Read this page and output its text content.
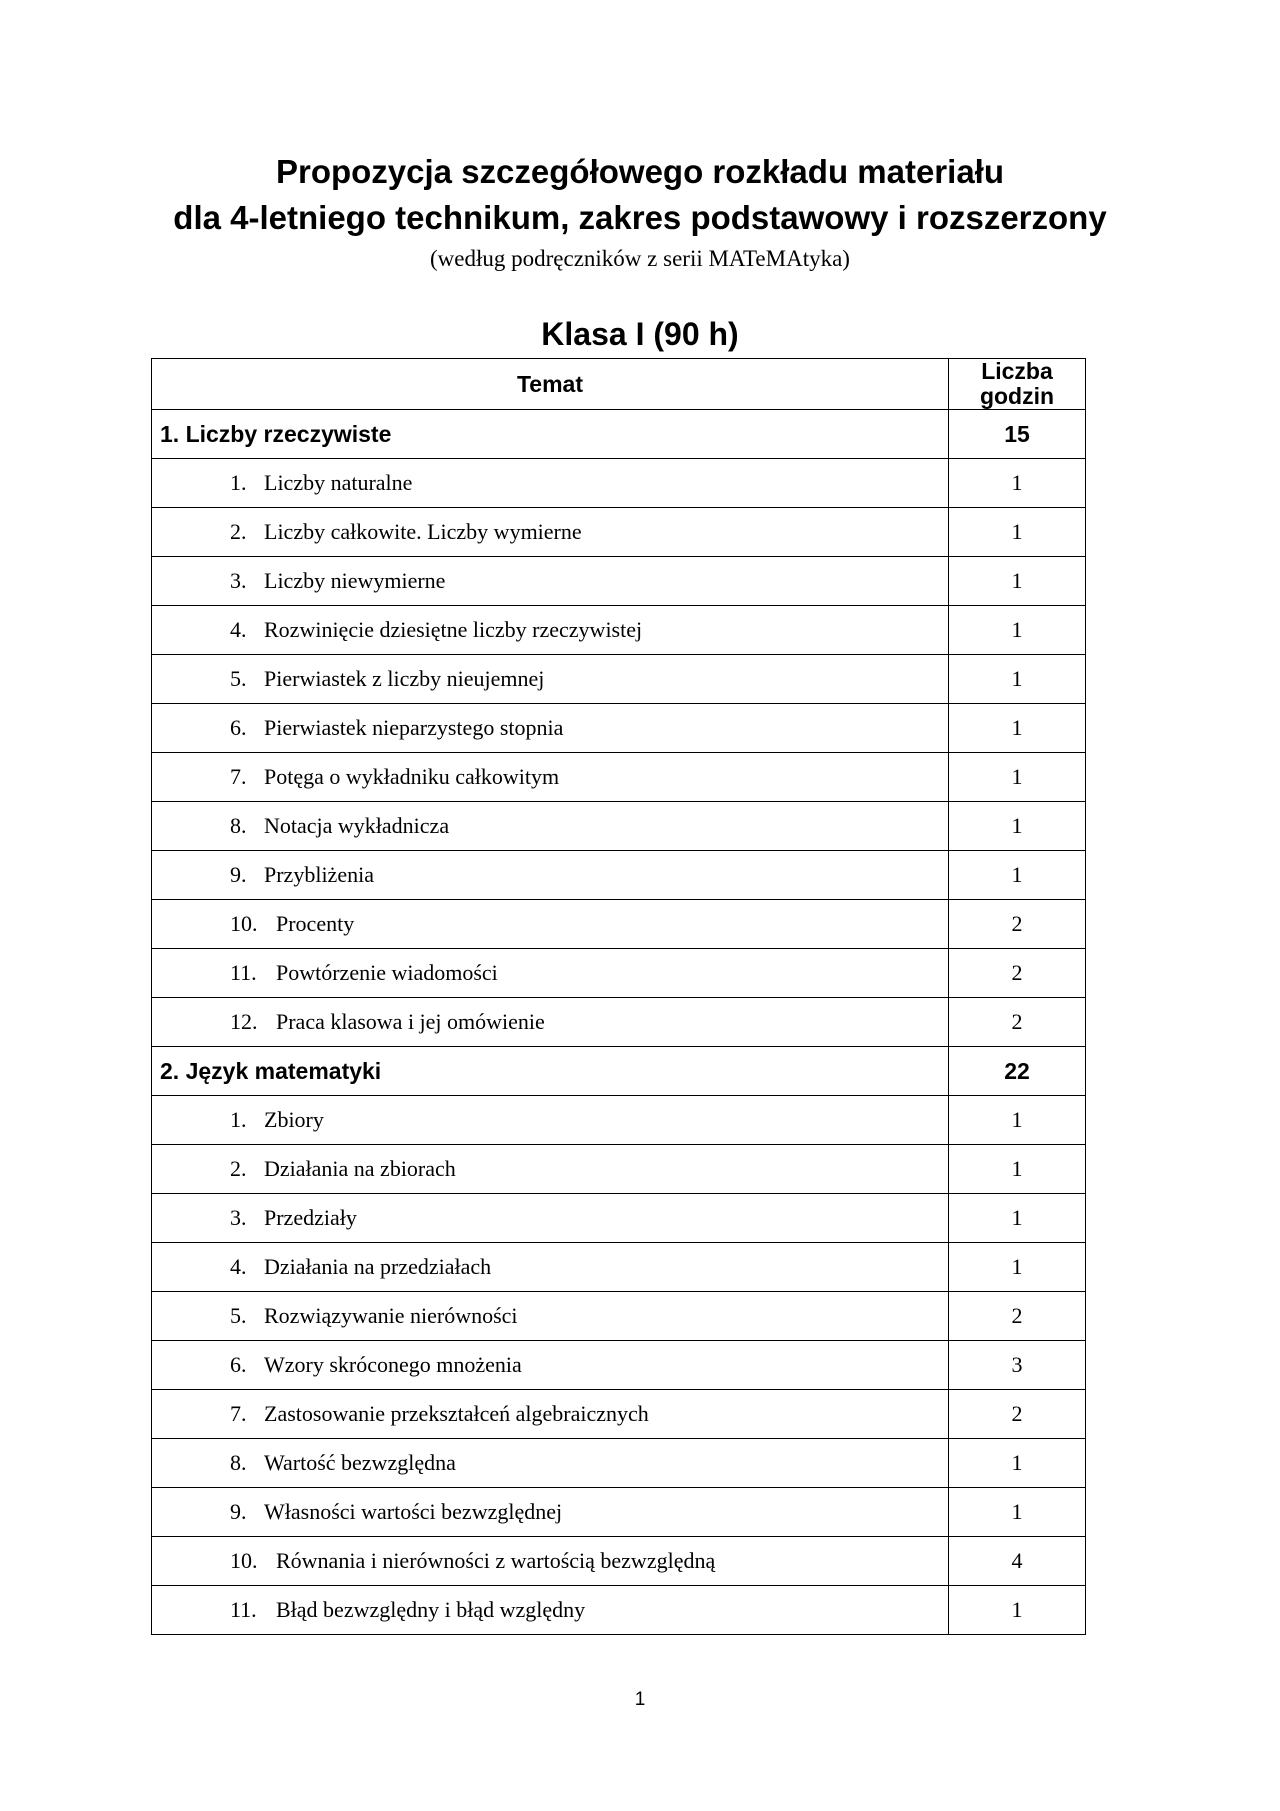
Propozycja szczegółowego rozkładu materiału
dla 4-letniego technikum, zakres podstawowy i rozszerzony

(według podręczników z serii MATeMAtyka)

Klasa I (90 h)
Temat	Liczba
godzin
1. Liczby rzeczywiste	15
1. Liczby naturalne	1
2. Liczby całkowite. Liczby wymierne	1
3. Liczby niewymierne	1
4. Rozwinięcie dziesiętne liczby rzeczywistej	1
5. Pierwiastek z liczby nieujemnej	1
6. Pierwiastek nieparzystego stopnia	1
7. Potęga o wykładniku całkowitym	1
8. Notacja wykładnicza	1
9. Przybliżenia	1
10. Procenty	2
11. Powtórzenie wiadomości	2
12. Praca klasowa i jej omówienie	2
2. Język matematyki	22
1. Zbiory	1
2. Działania na zbiorach	1
3. Przedziały	1
4. Działania na przedziałach	1
5. Rozwiązywanie nierówności	2
6. Wzory skróconego mnożenia	3
7. Zastosowanie przekształceń algebraicznych	2
8. Wartość bezwzględna	1
9. Własności wartości bezwzględnej	1
10. Równania i nierówności z wartością bezwzględną	4
11. Błąd bezwzględny i błąd względny	1

1
